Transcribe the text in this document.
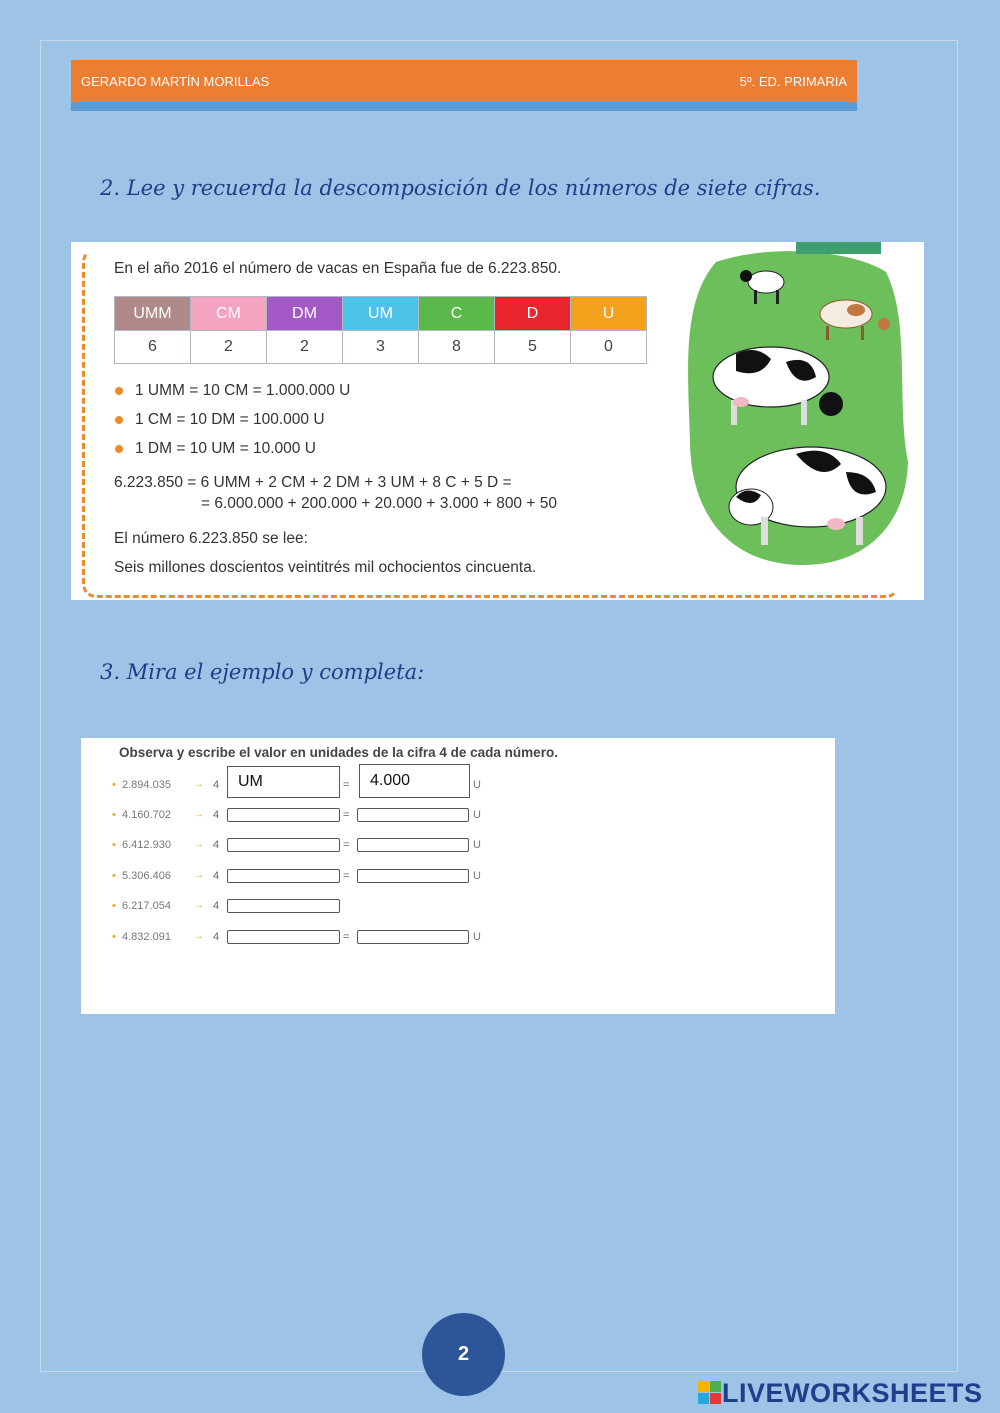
GERARDO MARTÍN MORILLAS	5º. ED. PRIMARIA
2. Lee y recuerda la descomposición de los números de siete cifras.
En el año 2016 el número de vacas en España fue de 6.223.850.
UMM	CM	DM	UM	C	D	U
6	2	2	3	8	5	0
1 UMM = 10 CM = 1.000.000 U
1 CM = 10 DM = 100.000 U
1 DM = 10 UM = 10.000 U
6.223.850 = 6 UMM + 2 CM + 2 DM + 3 UM + 8 C + 5 D =
= 6.000.000 + 200.000 + 20.000 + 3.000 + 800 + 50
El número 6.223.850 se lee:
Seis millones doscientos veintitrés mil ochocientos cincuenta.
3. Mira el ejemplo y completa:
Observa y escribe el valor en unidades de la cifra 4 de cada número.
• 2.894.035 → 4	UM	=	4.000	U
• 4.160.702 → 4	=	U
• 6.412.930 → 4	=	U
• 5.306.406 → 4	=	U
• 6.217.054 → 4
• 4.832.091 → 4	=	U
2
LIVEWORKSHEETS
